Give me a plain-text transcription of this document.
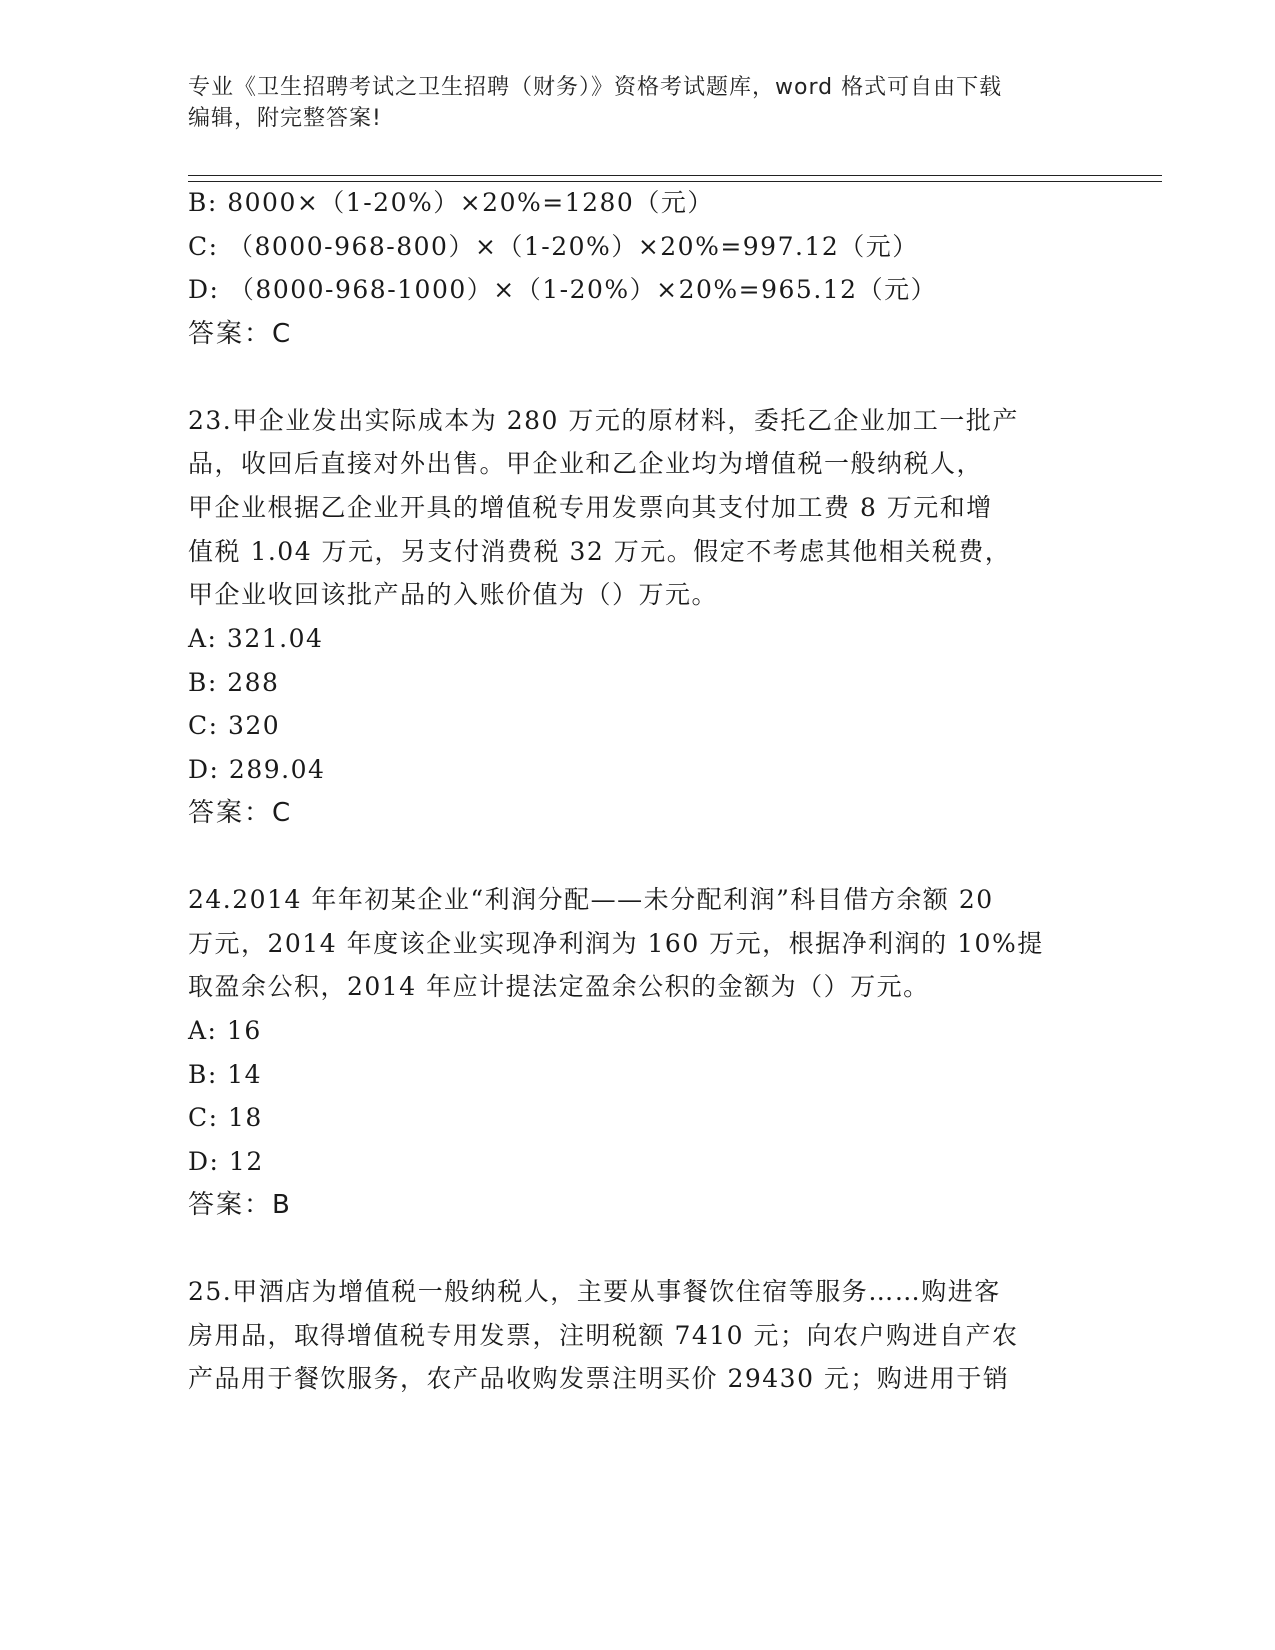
专业《卫生招聘考试之卫生招聘（财务）》资格考试题库，word 格式可自由下载
编辑，附完整答案!
B: 8000×（1-20%）×20%=1280（元）
C: （8000-968-800）×（1-20%）×20%=997.12（元）
D: （8000-968-1000）×（1-20%）×20%=965.12（元）
答案：C
23.甲企业发出实际成本为 280 万元的原材料，委托乙企业加工一批产
品，收回后直接对外出售。甲企业和乙企业均为增值税一般纳税人，
甲企业根据乙企业开具的增值税专用发票向其支付加工费 8 万元和增
值税 1.04 万元，另支付消费税 32 万元。假定不考虑其他相关税费，
甲企业收回该批产品的入账价值为（）万元。
A: 321.04
B: 288
C: 320
D: 289.04
答案：C
24.2014 年年初某企业“利润分配——未分配利润”科目借方余额 20
万元，2014 年度该企业实现净利润为 160 万元，根据净利润的 10%提
取盈余公积，2014 年应计提法定盈余公积的金额为（）万元。
A: 16
B: 14
C: 18
D: 12
答案：B
25.甲酒店为增值税一般纳税人，主要从事餐饮住宿等服务……购进客
房用品，取得增值税专用发票，注明税额 7410 元；向农户购进自产农
产品用于餐饮服务，农产品收购发票注明买价 29430 元；购进用于销
